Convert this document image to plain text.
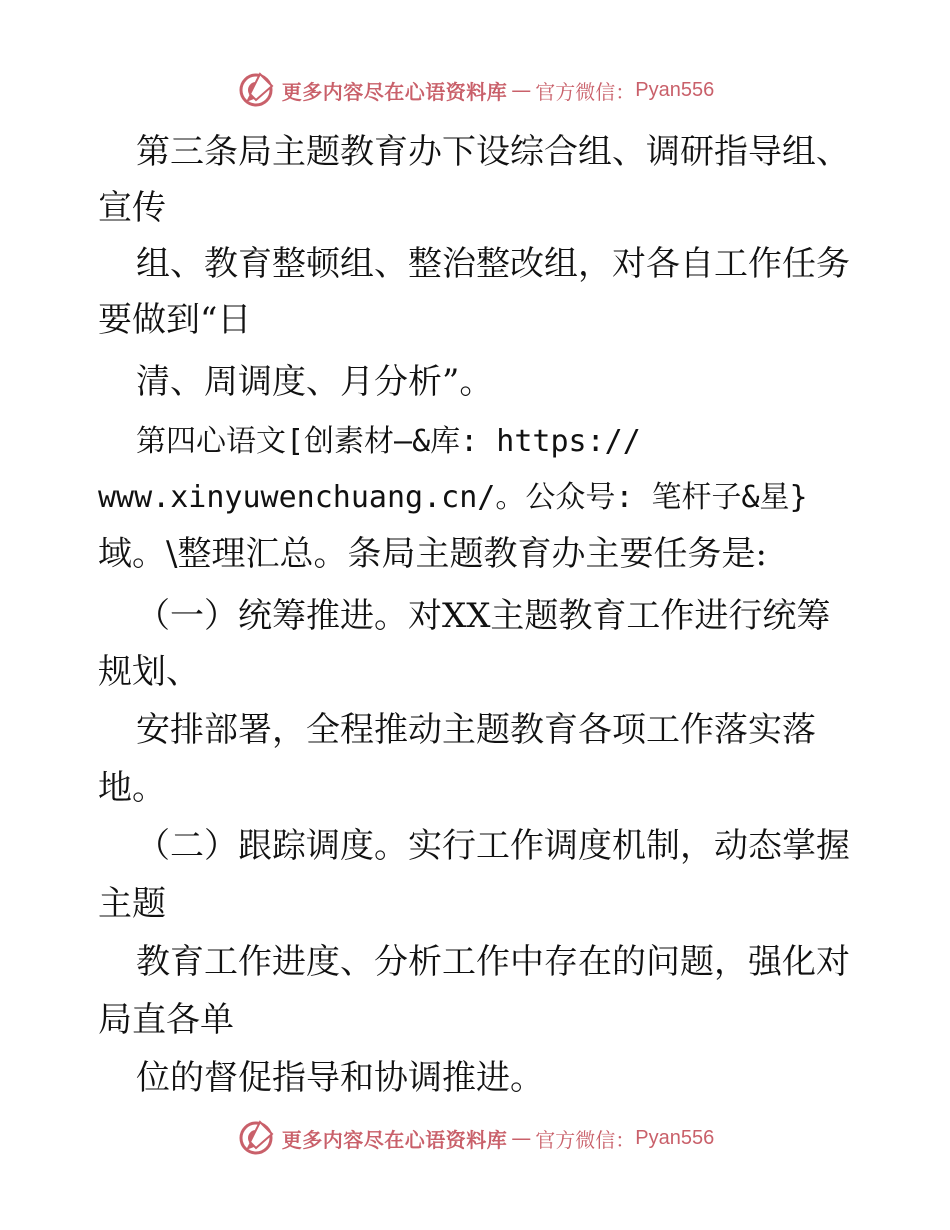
更多内容尽在心语资料库 — 官方微信： Pyan556
第三条局主题教育办下设综合组、调研指导组、
宣传
组、教育整顿组、整治整改组，对各自工作任务
要做到“日
清、周调度、月分析”。
第四心语文[创素材—&库: https://
www.xinyuwenchuang.cn/。公众号: 笔杆子&星}
域。\整理汇总。条局主题教育办主要任务是:
（一）统筹推进。对XX主题教育工作进行统筹
规划、
安排部署，全程推动主题教育各项工作落实落
地。
（二）跟踪调度。实行工作调度机制，动态掌握
主题
教育工作进度、分析工作中存在的问题，强化对
局直各单
位的督促指导和协调推进。
更多内容尽在心语资料库 — 官方微信： Pyan556
